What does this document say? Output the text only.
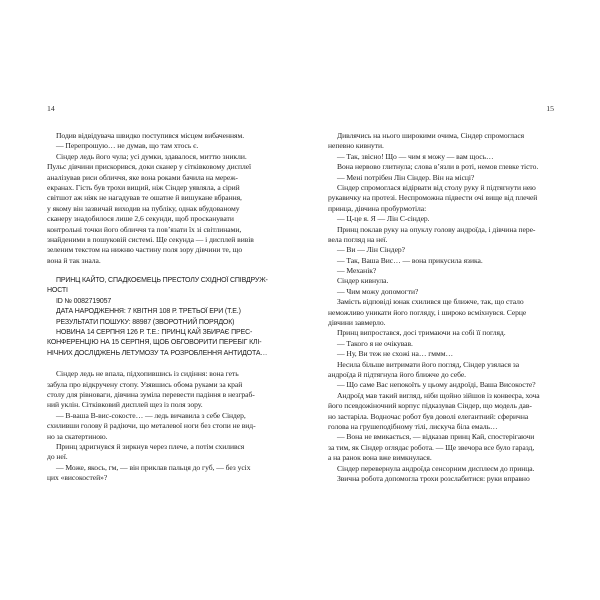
14
Подив відвідувача швидко поступився місцем вибаченням.
— Перепрошую… не думав, що там хтось є.
Сіндер ледь його чула; усі думки, здавалося, миттю зникли.
Пульс дівчини прискорився, доки сканер у сітківковому дисплеї
аналізував риси обличчя, яке вона роками бачила на мереж-
екранах. Гість був трохи вищий, ніж Сіндер уявляла, а сірий
світшот аж ніяк не нагадував те ошатне й вишукане вбрання,
у якому він зазвичай виходив на публіку, однак вбудованому
сканеру знадобилося лише 2,6 секунди, щоб просканувати
контрольні точки його обличчя та пов’язати їх зі світлинами,
знайденими в пошуковій системі. Ще секунда — і дисплей вивів
зеленим текстом на нижню частину поля зору дівчини те, що
вона й так знала.
ПРИНЦ КАЙТО, СПАДКОЄМЕЦЬ ПРЕСТОЛУ СХІДНОЇ СПІВДРУЖ-
НОСТІ
ID № 0082719057
ДАТА НАРОДЖЕННЯ: 7 КВІТНЯ 108 Р. ТРЕТЬОЇ ЕРИ (Т.Е.)
РЕЗУЛЬТАТИ ПОШУКУ: 88987 (ЗВОРОТНИЙ ПОРЯДОК)
НОВИНА 14 СЕРПНЯ 126 Р. Т.Е.: ПРИНЦ КАЙ ЗБИРАЄ ПРЕС-
КОНФЕРЕНЦІЮ НА 15 СЕРПНЯ, ЩОБ ОБГОВОРИТИ ПЕРЕБІГ КЛІ-
НІЧНИХ ДОСЛІДЖЕНЬ ЛЕТУМОЗУ ТА РОЗРОБЛЕННЯ АНТИДОТА…
Сіндер ледь не впала, підхопившись із сидіння: вона геть
забула про відкручену стопу. Узявшись обома руками за край
столу для рівноваги, дівчина зуміла перевести падіння в незграб-
ний уклін. Сітківковий дисплей щез із поля зору.
— В-ваша В-вис-сокосте… — ледь вичавила з себе Сіндер,
схиливши голову й радіючи, що металевої ноги без стопи не вид-
но за скатертиною.
Принц здригнувся й зиркнув через плече, а потім схилився
до неї.
— Може, якось, гм, — він приклав пальця до губ, — без усіх
цих «високостей»?
15
Дивлячись на нього широкими очима, Сіндер спромоглася
непевно кивнути.
— Так, звісно! Що — чим я можу — вам щось…
Вона нервово глитнула; слова в’язли в роті, немов глевке тісто.
— Мені потрібен Лін Сіндер. Він на місці?
Сіндер спромоглася відірвати від столу руку й підтягнути нею
рукавичку на протезі. Неспроможна підвести очі вище від плечей
принца, дівчина пробурмотіла:
— Ц-це я. Я — Лін С-сіндер.
Принц поклав руку на опуклу голову андроїда, і дівчина пере-
вела погляд на неї.
— Ви — Лін Сіндер?
— Так, Ваша Вис… — вона прикусила язика.
— Механік?
Сіндер кивнула.
— Чим можу допомогти?
Замість відповіді юнак схилився ще ближче, так, що стало
неможливо уникати його погляду, і широко всміхнувся. Серце
дівчини завмерло.
Принц випростався, досі тримаючи на собі її погляд.
— Такого я не очікував.
— Ну, Ви теж не схожі на… гммм…
Несила більше витримати його погляд, Сіндер узялася за
андроїда й підтягнула його ближче до себе.
— Що саме Вас непокоїть у цьому андроїді, Ваша Високосте?
Андроїд мав такий вигляд, ніби щойно зійшов із конвеєра, хоча
його псевдожіночний корпус підказував Сіндер, що модель дав-
но застаріла. Водночас робот був доволі елегантний: сферична
голова на грушеподібному тілі, лискуча біла емаль…
— Вона не вмикається, — відказав принц Кай, спостерігаючи
за тим, як Сіндер оглядає робота. — Ще звечора все було гаразд,
а на ранок вона вже вимкнулася.
Сіндер перевернула андроїда сенсорним дисплеєм до принца.
Звична робота допомогла трохи розслабитися: руки вправно
